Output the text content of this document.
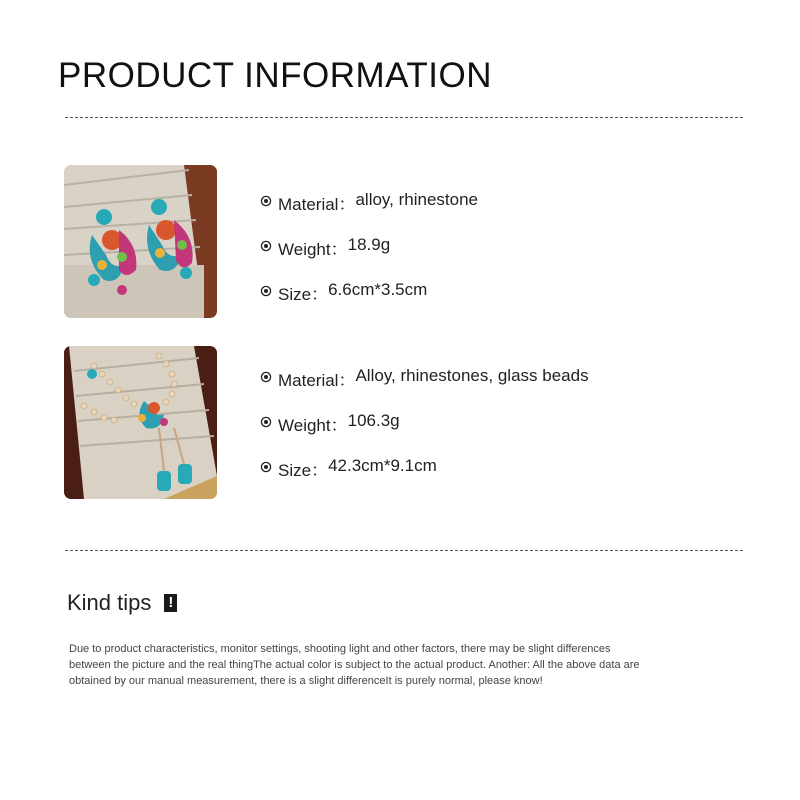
PRODUCT INFORMATION
Material： alloy, rhinestone
Weight： 18.9g
Size： 6.6cm*3.5cm
Material： Alloy, rhinestones, glass beads
Weight： 106.3g
Size： 42.3cm*9.1cm
Kind tips !
Due to product characteristics, monitor settings, shooting light and other factors, there may be slight differences between the picture and the real thingThe actual color is subject to the actual product. Another: All the above data are obtained by our manual measurement, there is a slight differenceIt is purely normal, please know!
